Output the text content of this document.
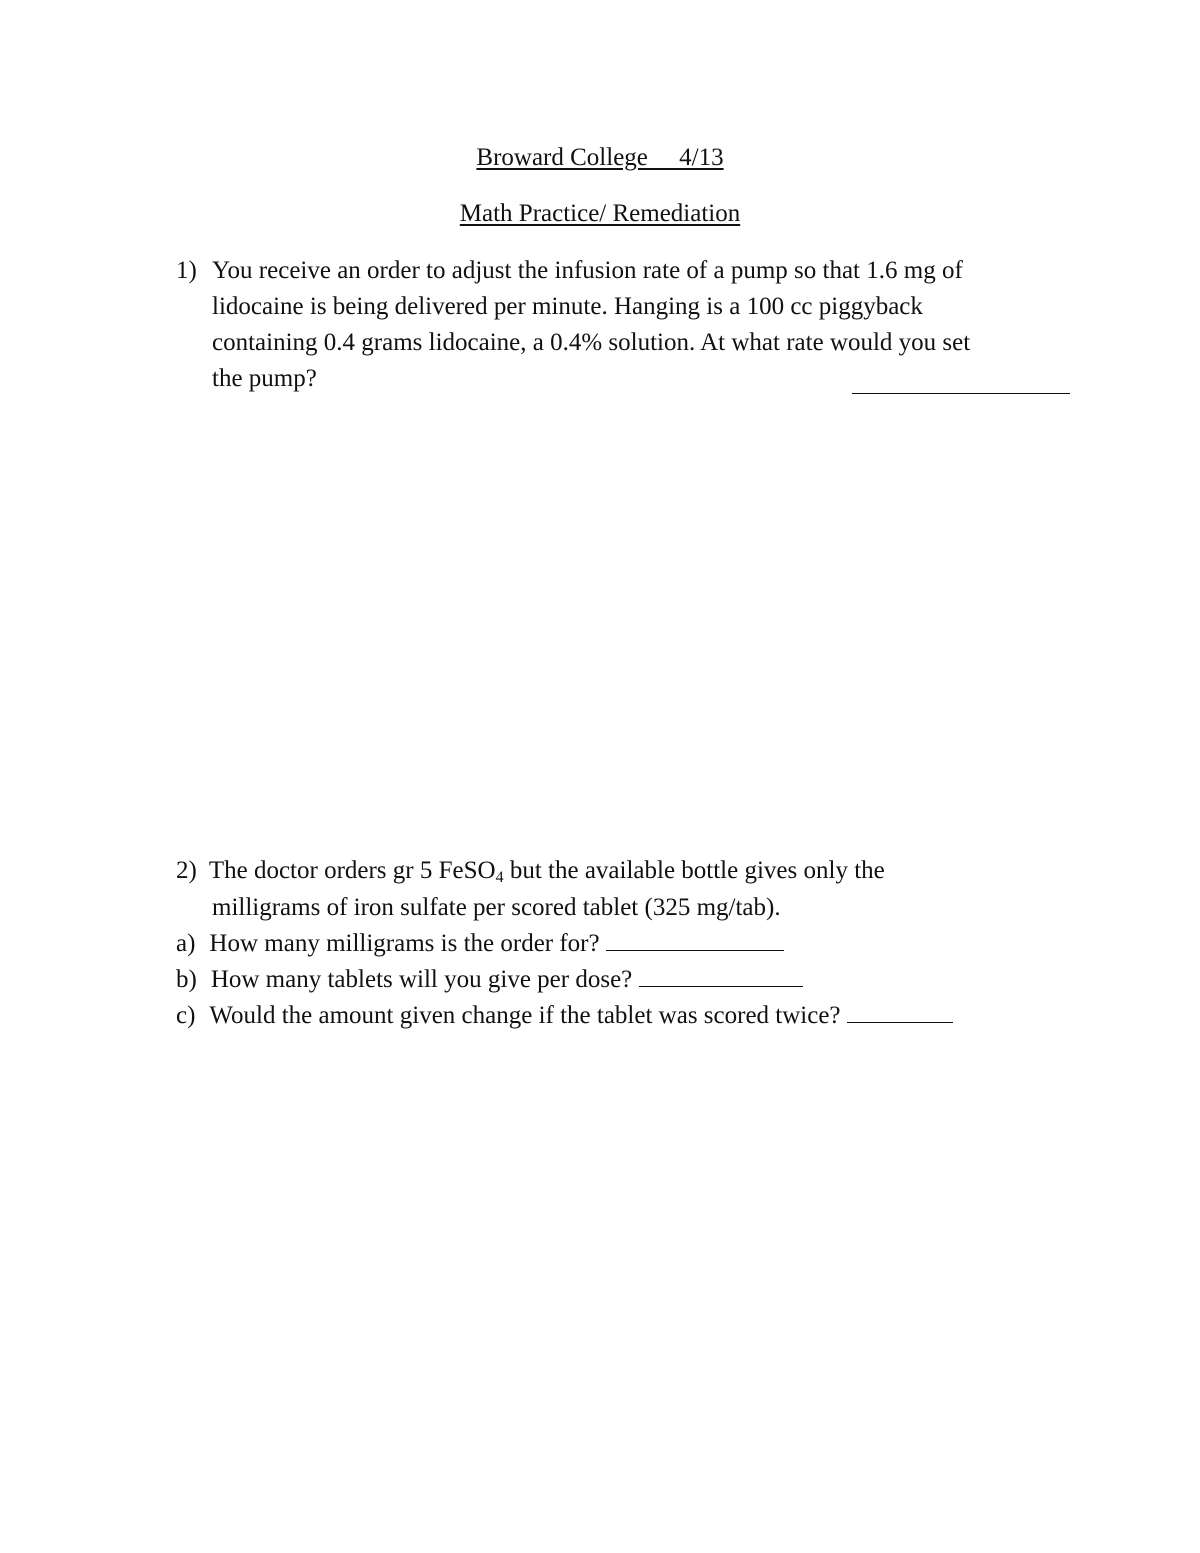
Broward College     4/13
Math Practice/ Remediation
1) You receive an order to adjust the infusion rate of a pump so that 1.6 mg of
lidocaine is being delivered per minute. Hanging is a 100 cc piggyback
containing 0.4 grams lidocaine, a 0.4% solution. At what rate would you set
the pump?
2) The doctor orders gr 5 FeSO$_4$ but the available bottle gives only the
milligrams of iron sulfate per scored tablet (325 mg/tab).
a) How many milligrams is the order for?
b) How many tablets will you give per dose?
c) Would the amount given change if the tablet was scored twice?
